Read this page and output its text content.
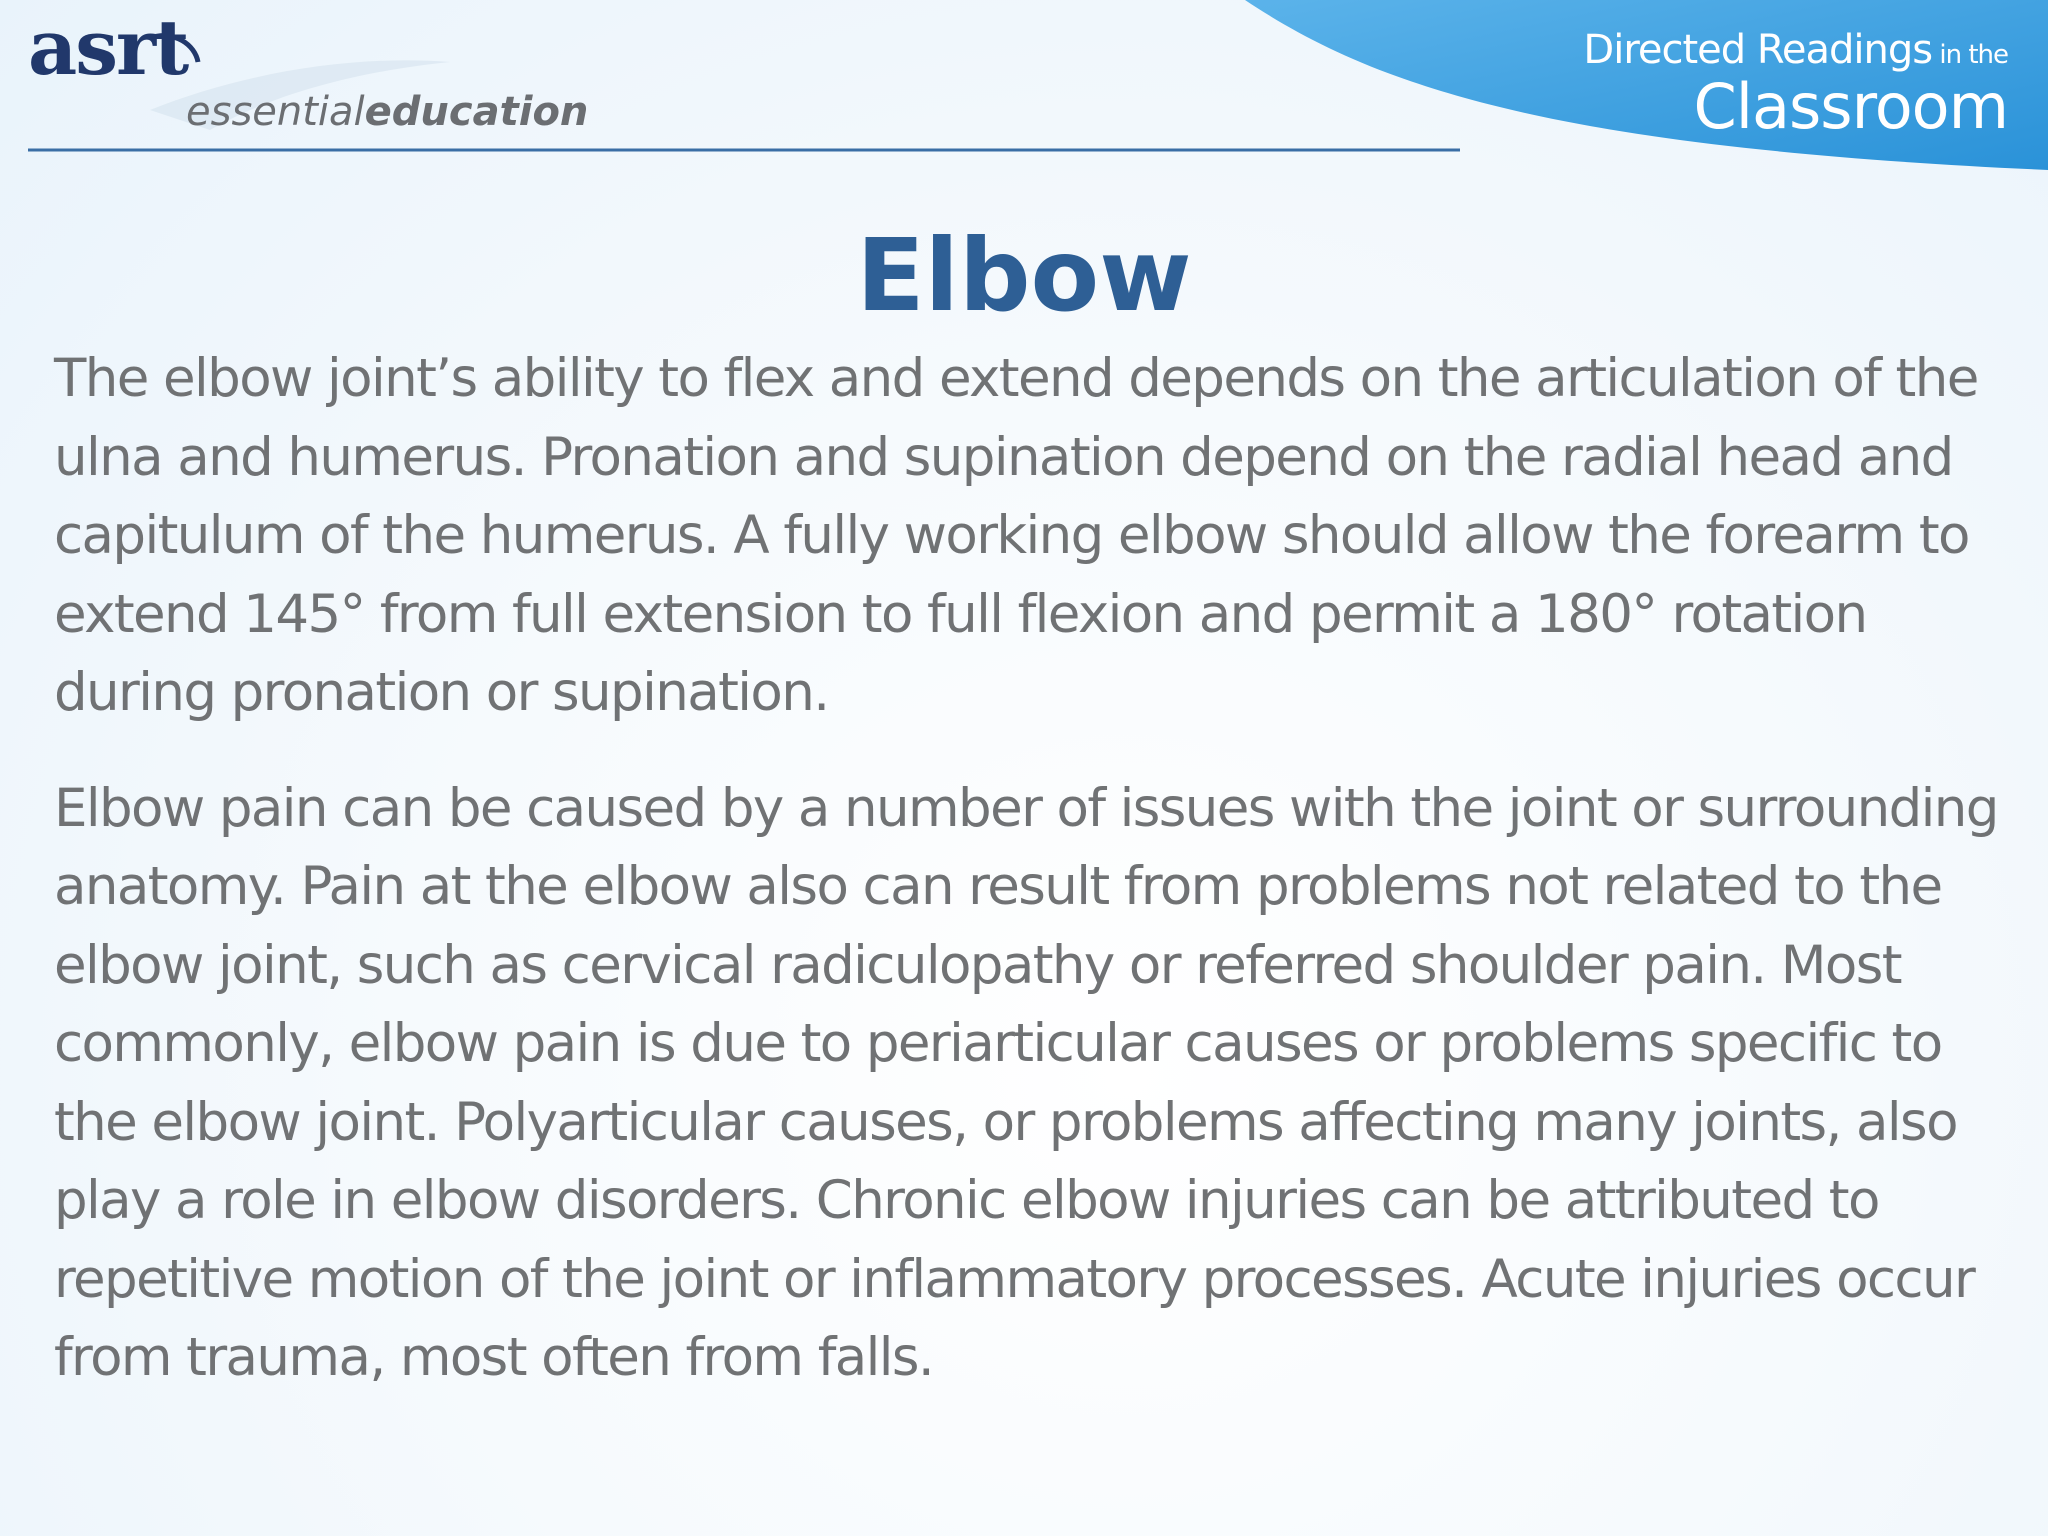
asrt
essentialeducation
Directed Readings in the
Classroom
Elbow

The elbow joint’s ability to flex and extend depends on the articulation of the ulna and humerus. Pronation and supination depend on the radial head and capitulum of the humerus. A fully working elbow should allow the forearm to extend 145° from full extension to full flexion and permit a 180° rotation during pronation or supination.

Elbow pain can be caused by a number of issues with the joint or surrounding anatomy. Pain at the elbow also can result from problems not related to the elbow joint, such as cervical radiculopathy or referred shoulder pain. Most commonly, elbow pain is due to periarticular causes or problems specific to the elbow joint. Polyarticular causes, or problems affecting many joints, also play a role in elbow disorders. Chronic elbow injuries can be attributed to repetitive motion of the joint or inflammatory processes. Acute injuries occur from trauma, most often from falls.
